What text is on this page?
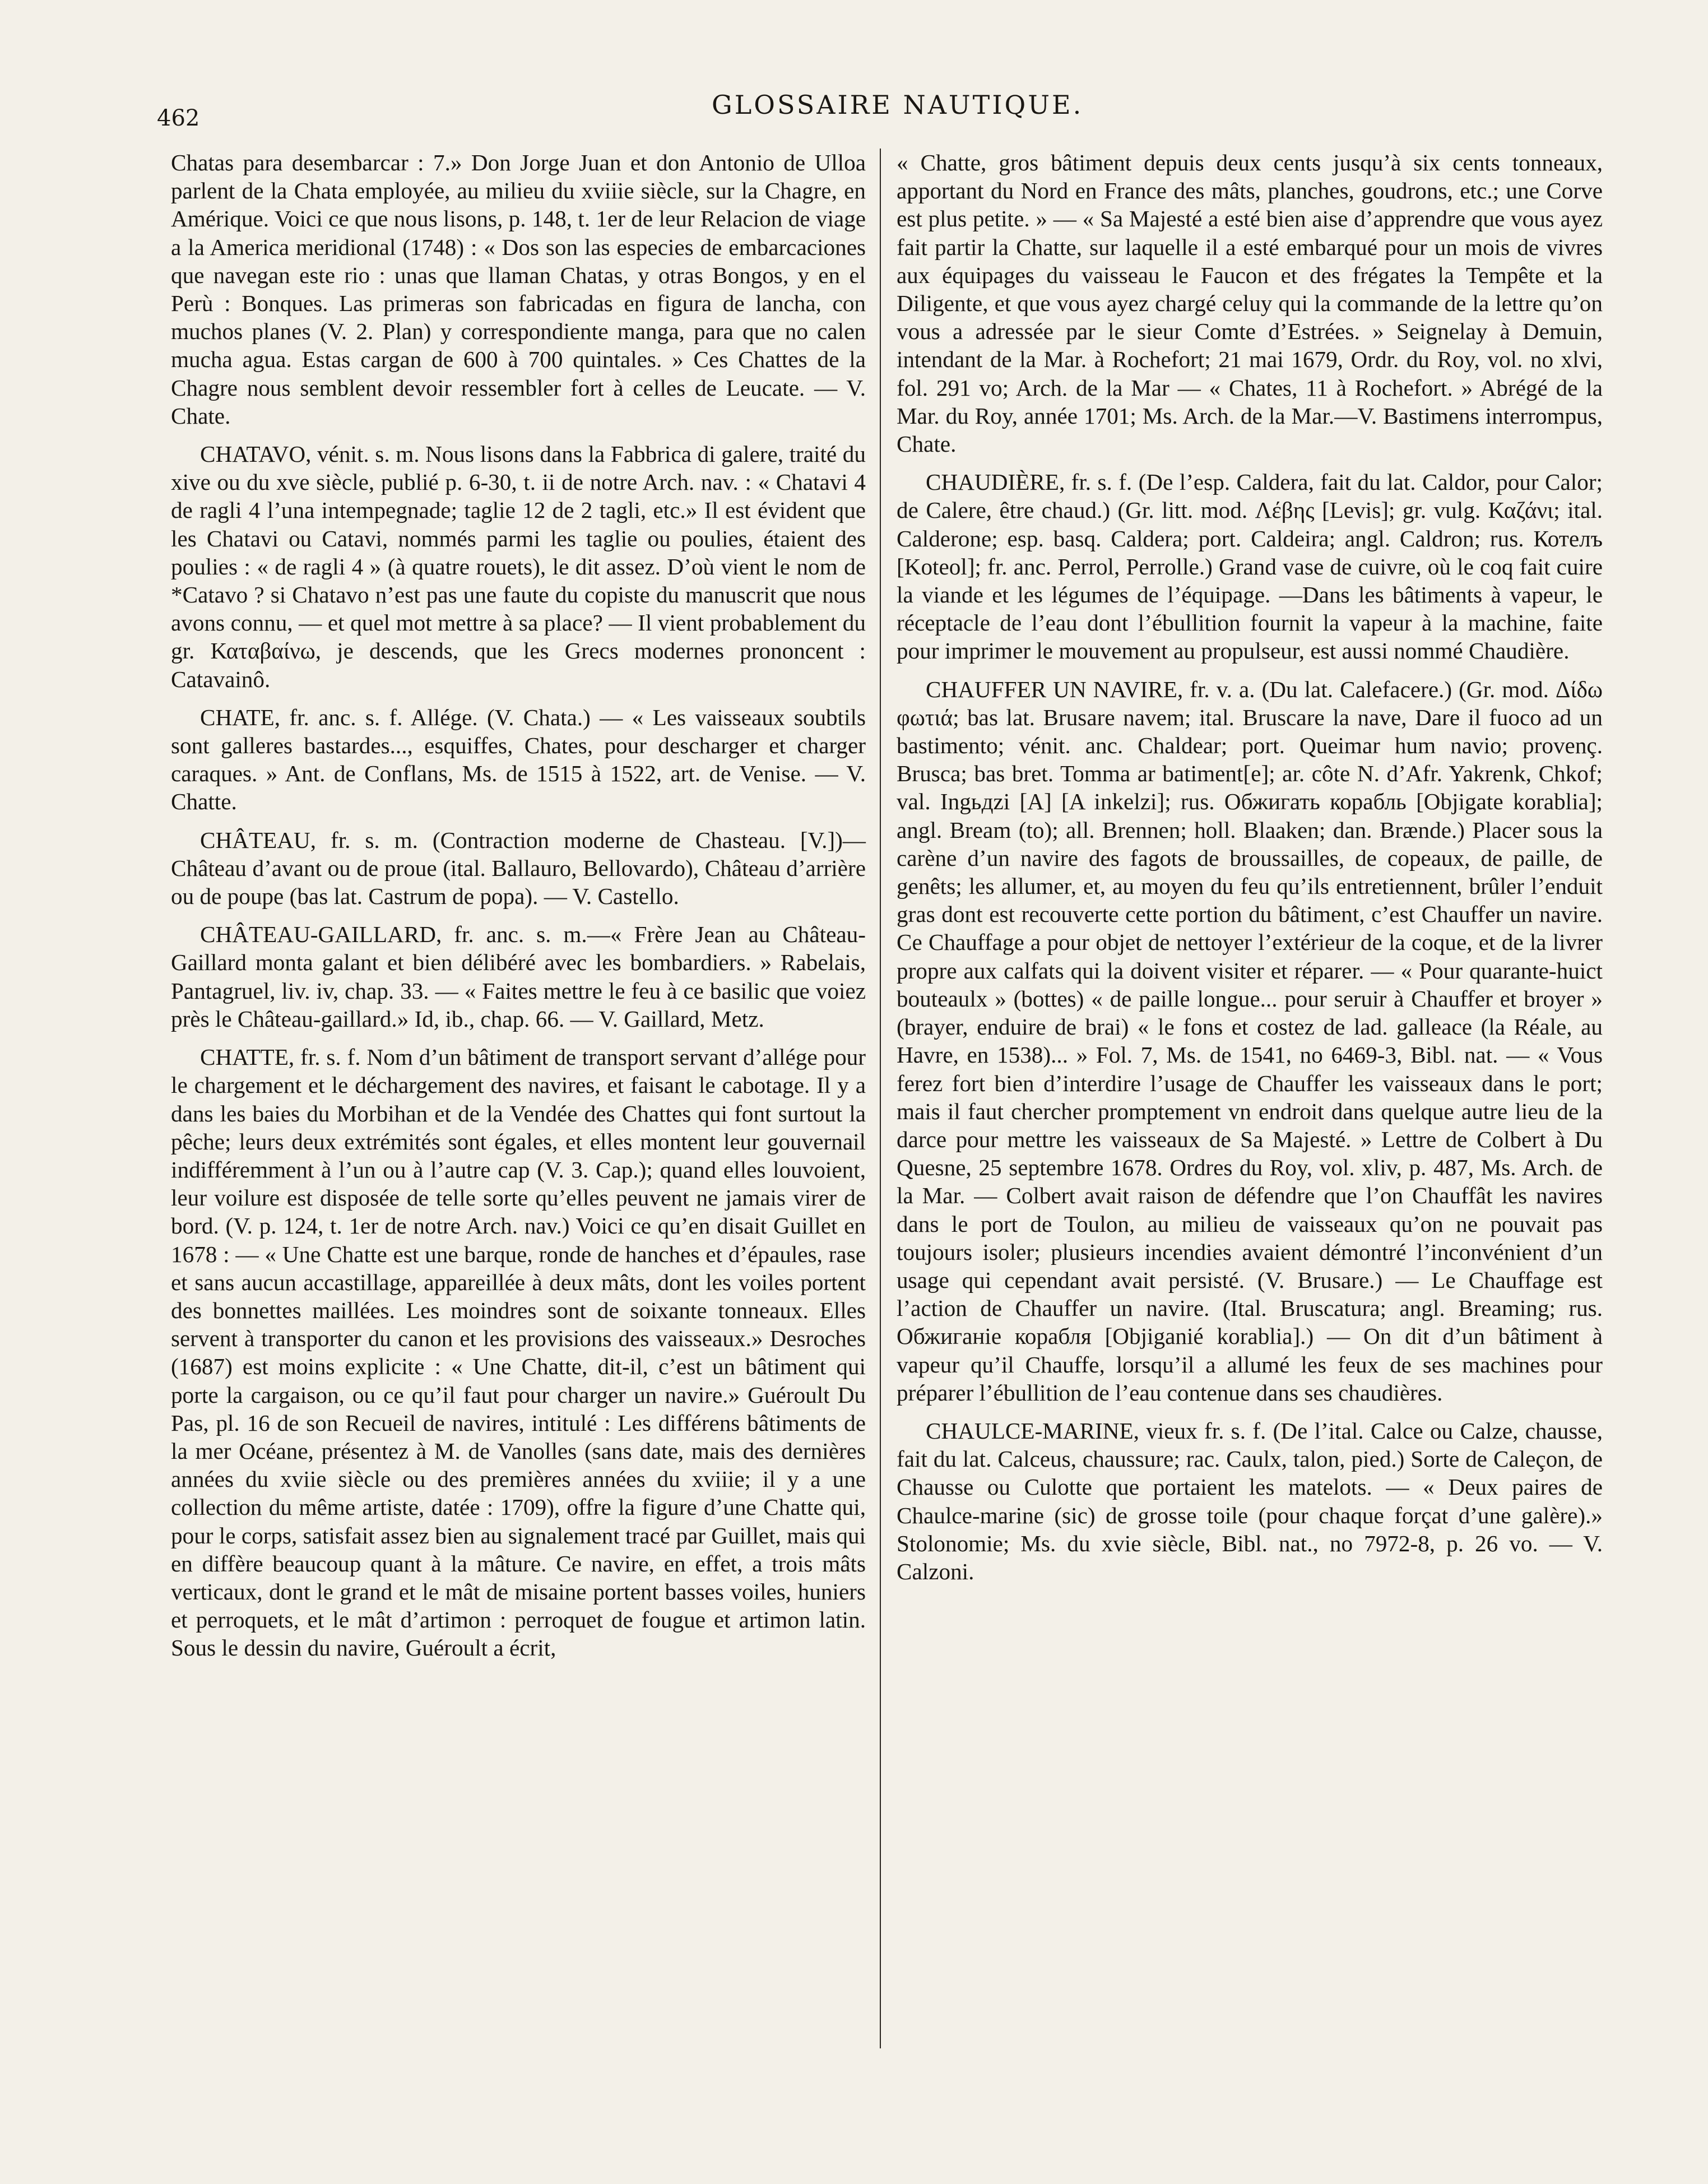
462	GLOSSAIRE NAUTIQUE.

Chatas para desembarcar : 7.» Don Jorge Juan et don Antonio de Ulloa parlent de la Chata employée, au milieu du xviiie siècle, sur la Chagre, en Amérique. Voici ce que nous lisons, p. 148, t. 1er de leur Relacion de viage a la America meridional (1748) : « Dos son las especies de embarcaciones que navegan este rio : unas que llaman Chatas, y otras Bongos, y en el Perù : Bonques. Las primeras son fabricadas en figura de lancha, con muchos planes (V. 2. Plan) y correspondiente manga, para que no calen mucha agua. Estas cargan de 600 à 700 quintales. » Ces Chattes de la Chagre nous semblent devoir ressembler fort à celles de Leucate. — V. Chate.

CHATAVO, vénit. s. m. Nous lisons dans la Fabbrica di galere, traité du xive ou du xve siècle, publié p. 6-30, t. ii de notre Arch. nav. : « Chatavi 4 de ragli 4 l’una intempegnade; taglie 12 de 2 tagli, etc.» Il est évident que les Chatavi ou Catavi, nommés parmi les taglie ou poulies, étaient des poulies : « de ragli 4 » (à quatre rouets), le dit assez. D’où vient le nom de *Catavo ? si Chatavo n’est pas une faute du copiste du manuscrit que nous avons connu, — et quel mot mettre à sa place? — Il vient probablement du gr. Καταβαίνω, je descends, que les Grecs modernes prononcent : Catavainô.

CHATE, fr. anc. s. f. Allége. (V. Chata.) — « Les vaisseaux soubtils sont galleres bastardes..., esquiffes, Chates, pour descharger et charger caraques. » Ant. de Conflans, Ms. de 1515 à 1522, art. de Venise. — V. Chatte.

CHÂTEAU, fr. s. m. (Contraction moderne de Chasteau. [V.])—Château d’avant ou de proue (ital. Ballauro, Bellovardo), Château d’arrière ou de poupe (bas lat. Castrum de popa). — V. Castello.

CHÂTEAU-GAILLARD, fr. anc. s. m.—« Frère Jean au Château-Gaillard monta galant et bien délibéré avec les bombardiers. » Rabelais, Pantagruel, liv. iv, chap. 33. — « Faites mettre le feu à ce basilic que voiez près le Château-gaillard.» Id, ib., chap. 66. — V. Gaillard, Metz.

CHATTE, fr. s. f. Nom d’un bâtiment de transport servant d’allége pour le chargement et le déchargement des navires, et faisant le cabotage. Il y a dans les baies du Morbihan et de la Vendée des Chattes qui font surtout la pêche; leurs deux extrémités sont égales, et elles montent leur gouvernail indifféremment à l’un ou à l’autre cap (V. 3. Cap.); quand elles louvoient, leur voilure est disposée de telle sorte qu’elles peuvent ne jamais virer de bord. (V. p. 124, t. 1er de notre Arch. nav.) Voici ce qu’en disait Guillet en 1678 : — « Une Chatte est une barque, ronde de hanches et d’épaules, rase et sans aucun accastillage, appareillée à deux mâts, dont les voiles portent des bonnettes maillées. Les moindres sont de soixante tonneaux. Elles servent à transporter du canon et les provisions des vaisseaux.» Desroches (1687) est moins explicite : « Une Chatte, dit-il, c’est un bâtiment qui porte la cargaison, ou ce qu’il faut pour charger un navire.» Guéroult Du Pas, pl. 16 de son Recueil de navires, intitulé : Les différens bâtiments de la mer Océane, présentez à M. de Vanolles (sans date, mais des dernières années du xviie siècle ou des premières années du xviiie; il y a une collection du même artiste, datée : 1709), offre la figure d’une Chatte qui, pour le corps, satisfait assez bien au signalement tracé par Guillet, mais qui en diffère beaucoup quant à la mâture. Ce navire, en effet, a trois mâts verticaux, dont le grand et le mât de misaine portent basses voiles, huniers et perroquets, et le mât d’artimon : perroquet de fougue et artimon latin. Sous le dessin du navire, Guéroult a écrit,

« Chatte, gros bâtiment depuis deux cents jusqu’à six cents tonneaux, apportant du Nord en France des mâts, planches, goudrons, etc.; une Corve est plus petite. » — « Sa Majesté a esté bien aise d’apprendre que vous ayez fait partir la Chatte, sur laquelle il a esté embarqué pour un mois de vivres aux équipages du vaisseau le Faucon et des frégates la Tempête et la Diligente, et que vous ayez chargé celuy qui la commande de la lettre qu’on vous a adressée par le sieur Comte d’Estrées. » Seignelay à Demuin, intendant de la Mar. à Rochefort; 21 mai 1679, Ordr. du Roy, vol. no xlvi, fol. 291 vo; Arch. de la Mar — « Chates, 11 à Rochefort. » Abrégé de la Mar. du Roy, année 1701; Ms. Arch. de la Mar.—V. Bastimens interrompus, Chate.

CHAUDIÈRE, fr. s. f. (De l’esp. Caldera, fait du lat. Caldor, pour Calor; de Calere, être chaud.) (Gr. litt. mod. Λέβης [Levis]; gr. vulg. Καζάνι; ital. Calderone; esp. basq. Caldera; port. Caldeira; angl. Caldron; rus. Котелъ [Koteol]; fr. anc. Perrol, Perrolle.) Grand vase de cuivre, où le coq fait cuire la viande et les légumes de l’équipage. —Dans les bâtiments à vapeur, le réceptacle de l’eau dont l’ébullition fournit la vapeur à la machine, faite pour imprimer le mouvement au propulseur, est aussi nommé Chaudière.

CHAUFFER UN NAVIRE, fr. v. a. (Du lat. Calefacere.) (Gr. mod. Δίδω φωτιά; bas lat. Brusare navem; ital. Bruscare la nave, Dare il fuoco ad un bastimento; vénit. anc. Chaldear; port. Queimar hum navio; provenç. Brusca; bas bret. Tomma ar batiment[e]; ar. côte N. d’Afr. Yakrenk, Chkof; val. Ingьдzi [A] [A inkelzi]; rus. Обжигать корабль [Objigate korablia]; angl. Bream (to); all. Brennen; holl. Blaaken; dan. Brænde.) Placer sous la carène d’un navire des fagots de broussailles, de copeaux, de paille, de genêts; les allumer, et, au moyen du feu qu’ils entretiennent, brûler l’enduit gras dont est recouverte cette portion du bâtiment, c’est Chauffer un navire. Ce Chauffage a pour objet de nettoyer l’extérieur de la coque, et de la livrer propre aux calfats qui la doivent visiter et réparer. — « Pour quarante-huict bouteaulx » (bottes) « de paille longue... pour seruir à Chauffer et broyer » (brayer, enduire de brai) « le fons et costez de lad. galleace (la Réale, au Havre, en 1538)... » Fol. 7, Ms. de 1541, no 6469-3, Bibl. nat. — « Vous ferez fort bien d’interdire l’usage de Chauffer les vaisseaux dans le port; mais il faut chercher promptement vn endroit dans quelque autre lieu de la darce pour mettre les vaisseaux de Sa Majesté. » Lettre de Colbert à Du Quesne, 25 septembre 1678. Ordres du Roy, vol. xliv, p. 487, Ms. Arch. de la Mar. — Colbert avait raison de défendre que l’on Chauffât les navires dans le port de Toulon, au milieu de vaisseaux qu’on ne pouvait pas toujours isoler; plusieurs incendies avaient démontré l’inconvénient d’un usage qui cependant avait persisté. (V. Brusare.) — Le Chauffage est l’action de Chauffer un navire. (Ital. Bruscatura; angl. Breaming; rus. Обжиганіе корабля [Objiganié korablia].) — On dit d’un bâtiment à vapeur qu’il Chauffe, lorsqu’il a allumé les feux de ses machines pour préparer l’ébullition de l’eau contenue dans ses chaudières.

CHAULCE-MARINE, vieux fr. s. f. (De l’ital. Calce ou Calze, chausse, fait du lat. Calceus, chaussure; rac. Caulx, talon, pied.) Sorte de Caleçon, de Chausse ou Culotte que portaient les matelots. — « Deux paires de Chaulce-marine (sic) de grosse toile (pour chaque forçat d’une galère).» Stolonomie; Ms. du xvie siècle, Bibl. nat., no 7972-8, p. 26 vo. — V. Calzoni.
